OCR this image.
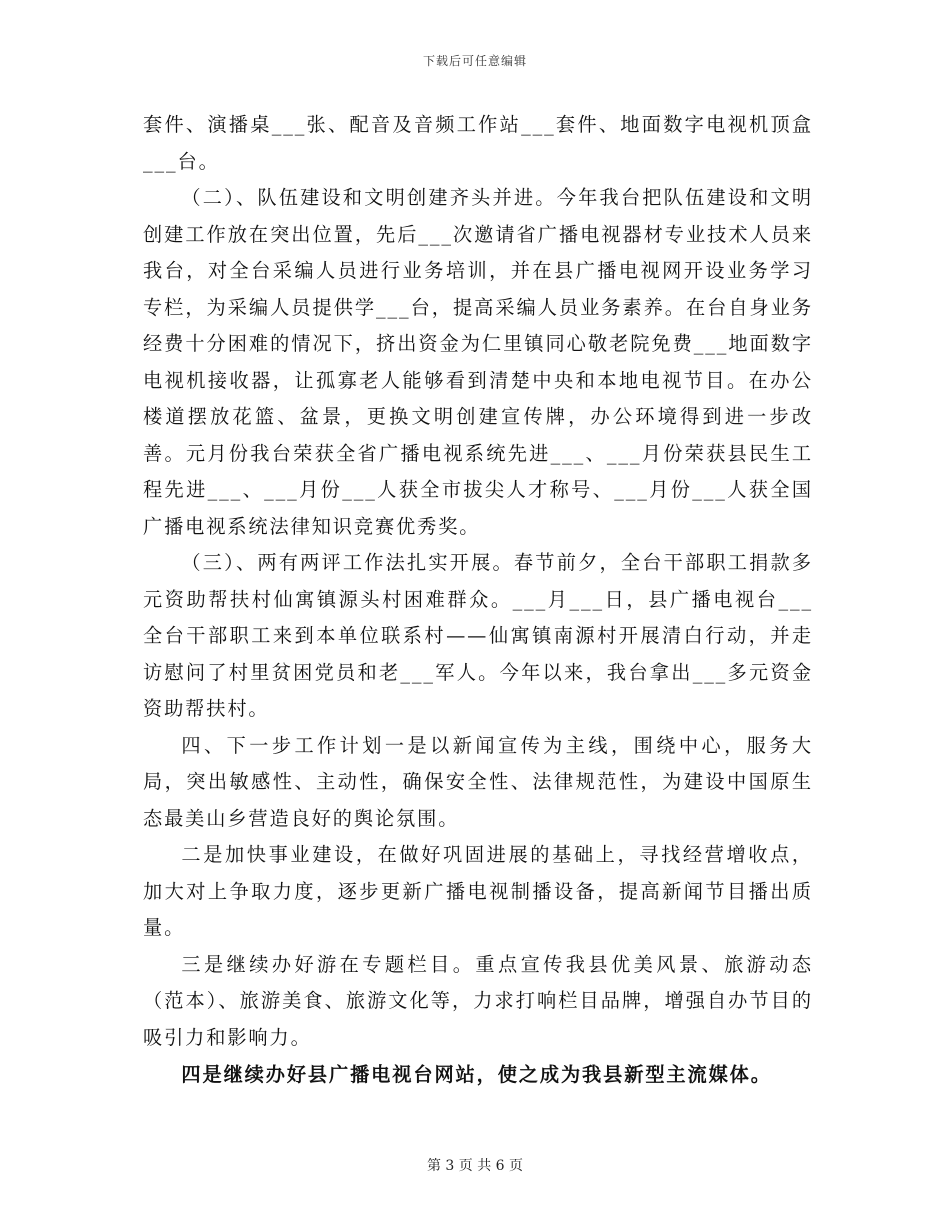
下载后可任意编辑

套件、演播桌___张、配音及音频工作站___套件、地面数字电视机顶盒___台。

（二）、队伍建设和文明创建齐头并进。今年我台把队伍建设和文明创建工作放在突出位置，先后___次邀请省广播电视器材专业技术人员来我台，对全台采编人员进行业务培训，并在县广播电视网开设业务学习专栏，为采编人员提供学___台，提高采编人员业务素养。在台自身业务经费十分困难的情况下，挤出资金为仁里镇同心敬老院免费___地面数字电视机接收器，让孤寡老人能够看到清楚中央和本地电视节目。在办公楼道摆放花篮、盆景，更换文明创建宣传牌，办公环境得到进一步改善。元月份我台荣获全省广播电视系统先进___、___月份荣获县民生工程先进___、___月份___人获全市拔尖人才称号、___月份___人获全国广播电视系统法律知识竞赛优秀奖。

（三）、两有两评工作法扎实开展。春节前夕，全台干部职工捐款多元资助帮扶村仙寓镇源头村困难群众。___月___日，县广播电视台___全台干部职工来到本单位联系村——仙寓镇南源村开展清白行动，并走访慰问了村里贫困党员和老___军人。今年以来，我台拿出___多元资金资助帮扶村。

四、下一步工作计划一是以新闻宣传为主线，围绕中心，服务大局，突出敏感性、主动性，确保安全性、法律规范性，为建设中国原生态最美山乡营造良好的舆论氛围。

二是加快事业建设，在做好巩固进展的基础上，寻找经营增收点，加大对上争取力度，逐步更新广播电视制播设备，提高新闻节目播出质量。

三是继续办好游在专题栏目。重点宣传我县优美风景、旅游动态（范本）、旅游美食、旅游文化等，力求打响栏目品牌，增强自办节目的吸引力和影响力。

四是继续办好县广播电视台网站，使之成为我县新型主流媒体。

第 3 页 共 6 页
